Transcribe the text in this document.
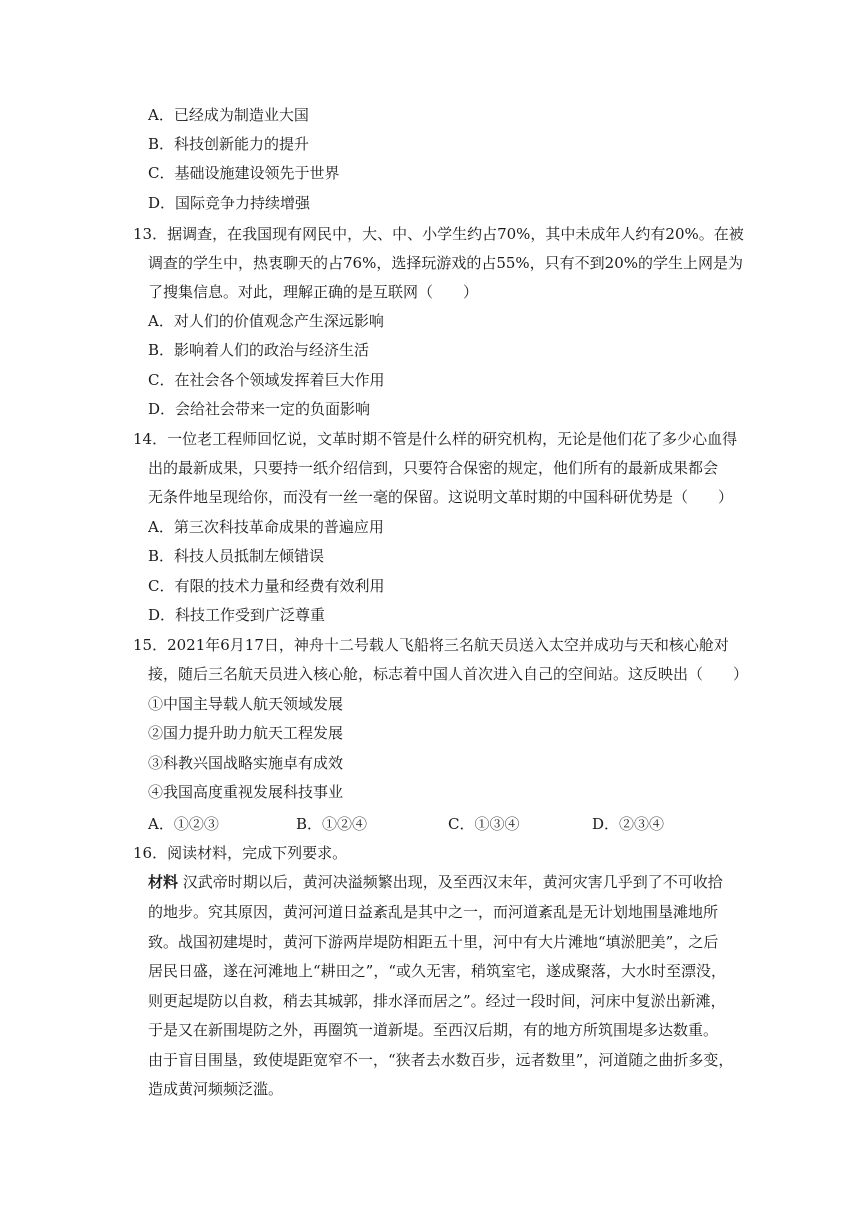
A．已经成为制造业大国
B．科技创新能力的提升
C．基础设施建设领先于世界
D．国际竞争力持续增强
13．据调查，在我国现有网民中，大、中、小学生约占70%，其中未成年人约有20%。在被
调查的学生中，热衷聊天的占76%，选择玩游戏的占55%，只有不到20%的学生上网是为
了搜集信息。对此，理解正确的是互联网（　　）
A．对人们的价值观念产生深远影响
B．影响着人们的政治与经济生活
C．在社会各个领域发挥着巨大作用
D．会给社会带来一定的负面影响
14．一位老工程师回忆说，文革时期不管是什么样的研究机构，无论是他们花了多少心血得
出的最新成果，只要持一纸介绍信到，只要符合保密的规定，他们所有的最新成果都会
无条件地呈现给你，而没有一丝一毫的保留。这说明文革时期的中国科研优势是（　　）
A．第三次科技革命成果的普遍应用
B．科技人员抵制左倾错误
C．有限的技术力量和经费有效利用
D．科技工作受到广泛尊重
15．2021年6月17日，神舟十二号载人飞船将三名航天员送入太空并成功与天和核心舱对
接，随后三名航天员进入核心舱，标志着中国人首次进入自己的空间站。这反映出（　　）
①中国主导载人航天领域发展
②国力提升助力航天工程发展
③科教兴国战略实施卓有成效
④我国高度重视发展科技事业
A．①②③	B．①②④	C．①③④	D．②③④
16．阅读材料，完成下列要求。
材料 汉武帝时期以后，黄河决溢频繁出现，及至西汉末年，黄河灾害几乎到了不可收拾
的地步。究其原因，黄河河道日益紊乱是其中之一，而河道紊乱是无计划地围垦滩地所
致。战国初建堤时，黄河下游两岸堤防相距五十里，河中有大片滩地“填淤肥美”，之后
居民日盛，遂在河滩地上“耕田之”，“或久无害，稍筑室宅，遂成聚落，大水时至漂没，
则更起堤防以自救，稍去其城郭，排水泽而居之”。经过一段时间，河床中复淤出新滩，
于是又在新围堤防之外，再圈筑一道新堤。至西汉后期，有的地方所筑围堤多达数重。
由于盲目围垦，致使堤距宽窄不一，“狭者去水数百步，远者数里”，河道随之曲折多变，
造成黄河频频泛滥。
